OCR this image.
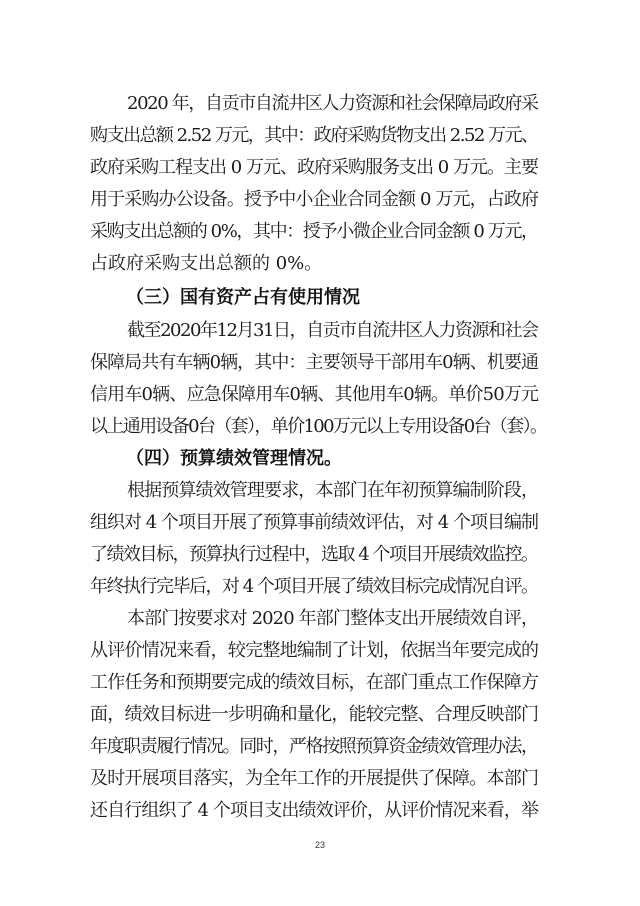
2020 年，自贡市自流井区人力资源和社会保障局政府采
购支出总额 2.52 万元，其中：政府采购货物支出 2.52 万元、
政府采购工程支出 0 万元、政府采购服务支出 0 万元。主要
用于采购办公设备。授予中小企业合同金额 0 万元，占政府
采购支出总额的 0%，其中：授予小微企业合同金额 0 万元，
占政府采购支出总额的 0%。
（三）国有资产占有使用情况
截至2020年12月31日，自贡市自流井区人力资源和社会
保障局共有车辆0辆，其中：主要领导干部用车0辆、机要通
信用车0辆、应急保障用车0辆、其他用车0辆。单价50万元
以上通用设备0台（套），单价100万元以上专用设备0台（套）。
（四）预算绩效管理情况。
根据预算绩效管理要求，本部门在年初预算编制阶段，
组织对 4 个项目开展了预算事前绩效评估，对 4 个项目编制
了绩效目标，预算执行过程中，选取 4 个项目开展绩效监控。
年终执行完毕后，对 4 个项目开展了绩效目标完成情况自评。
本部门按要求对 2020 年部门整体支出开展绩效自评，
从评价情况来看，较完整地编制了计划，依据当年要完成的
工作任务和预期要完成的绩效目标，在部门重点工作保障方
面，绩效目标进一步明确和量化，能较完整、合理反映部门
年度职责履行情况。同时，严格按照预算资金绩效管理办法，
及时开展项目落实，为全年工作的开展提供了保障。本部门
还自行组织了 4 个项目支出绩效评价，从评价情况来看，举
23
